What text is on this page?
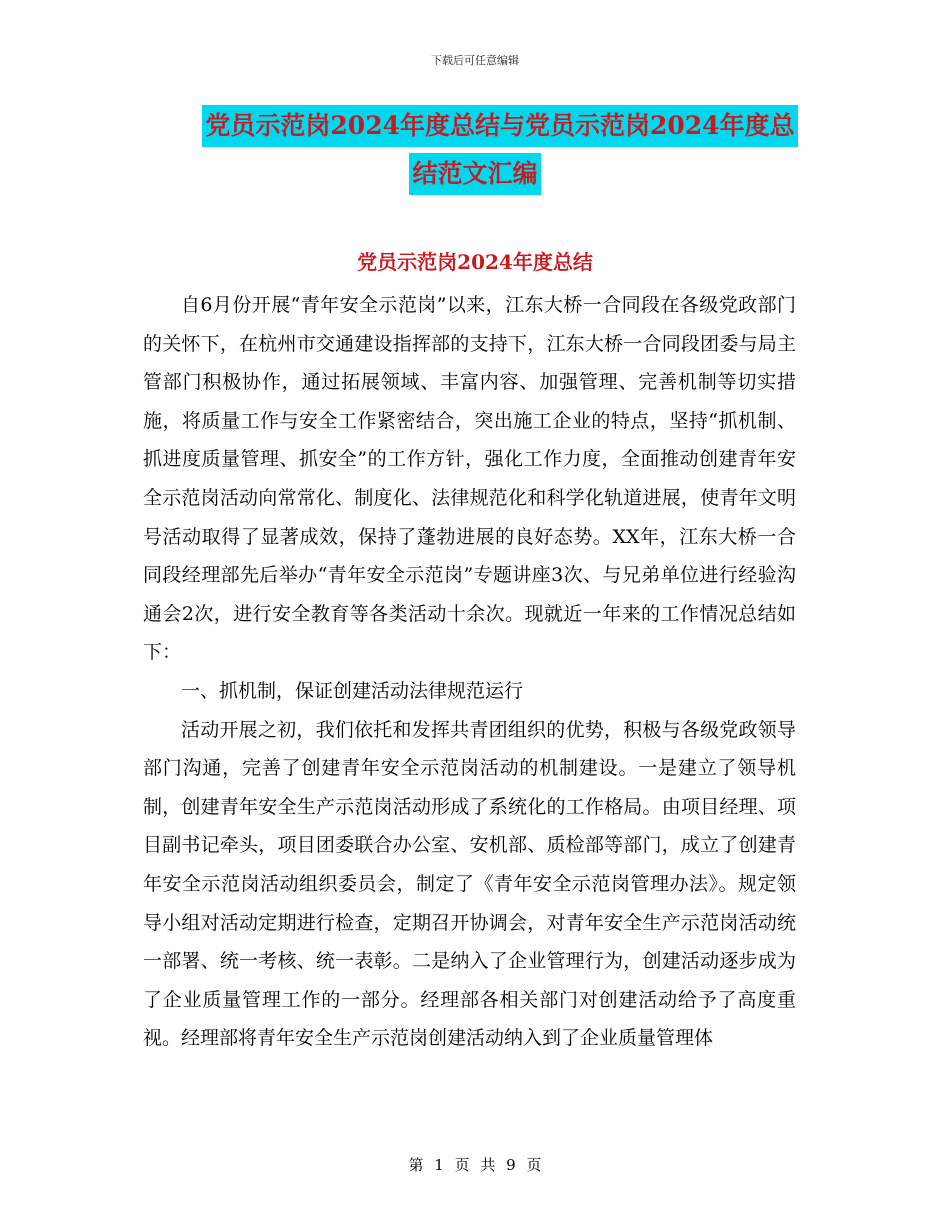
下载后可任意编辑
党员示范岗2024年度总结与党员示范岗2024年度总
结范文汇编
党员示范岗2024年度总结

自6月份开展“青年安全示范岗”以来，江东大桥一合同段在各级党政部门的关怀下，在杭州市交通建设指挥部的支持下，江东大桥一合同段团委与局主管部门积极协作，通过拓展领域、丰富内容、加强管理、完善机制等切实措施，将质量工作与安全工作紧密结合，突出施工企业的特点，坚持“抓机制、抓进度质量管理、抓安全”的工作方针，强化工作力度，全面推动创建青年安全示范岗活动向常常化、制度化、法律规范化和科学化轨道进展，使青年文明号活动取得了显著成效，保持了蓬勃进展的良好态势。XX年，江东大桥一合同段经理部先后举办“青年安全示范岗”专题讲座3次、与兄弟单位进行经验沟通会2次，进行安全教育等各类活动十余次。现就近一年来的工作情况总结如下：

一、抓机制，保证创建活动法律规范运行

活动开展之初，我们依托和发挥共青团组织的优势，积极与各级党政领导部门沟通，完善了创建青年安全示范岗活动的机制建设。一是建立了领导机制，创建青年安全生产示范岗活动形成了系统化的工作格局。由项目经理、项目副书记牵头，项目团委联合办公室、安机部、质检部等部门，成立了创建青年安全示范岗活动组织委员会，制定了《青年安全示范岗管理办法》。规定领导小组对活动定期进行检查，定期召开协调会，对青年安全生产示范岗活动统一部署、统一考核、统一表彰。二是纳入了企业管理行为，创建活动逐步成为了企业质量管理工作的一部分。经理部各相关部门对创建活动给予了高度重视。经理部将青年安全生产示范岗创建活动纳入到了企业质量管理体

第 1 页 共 9 页
